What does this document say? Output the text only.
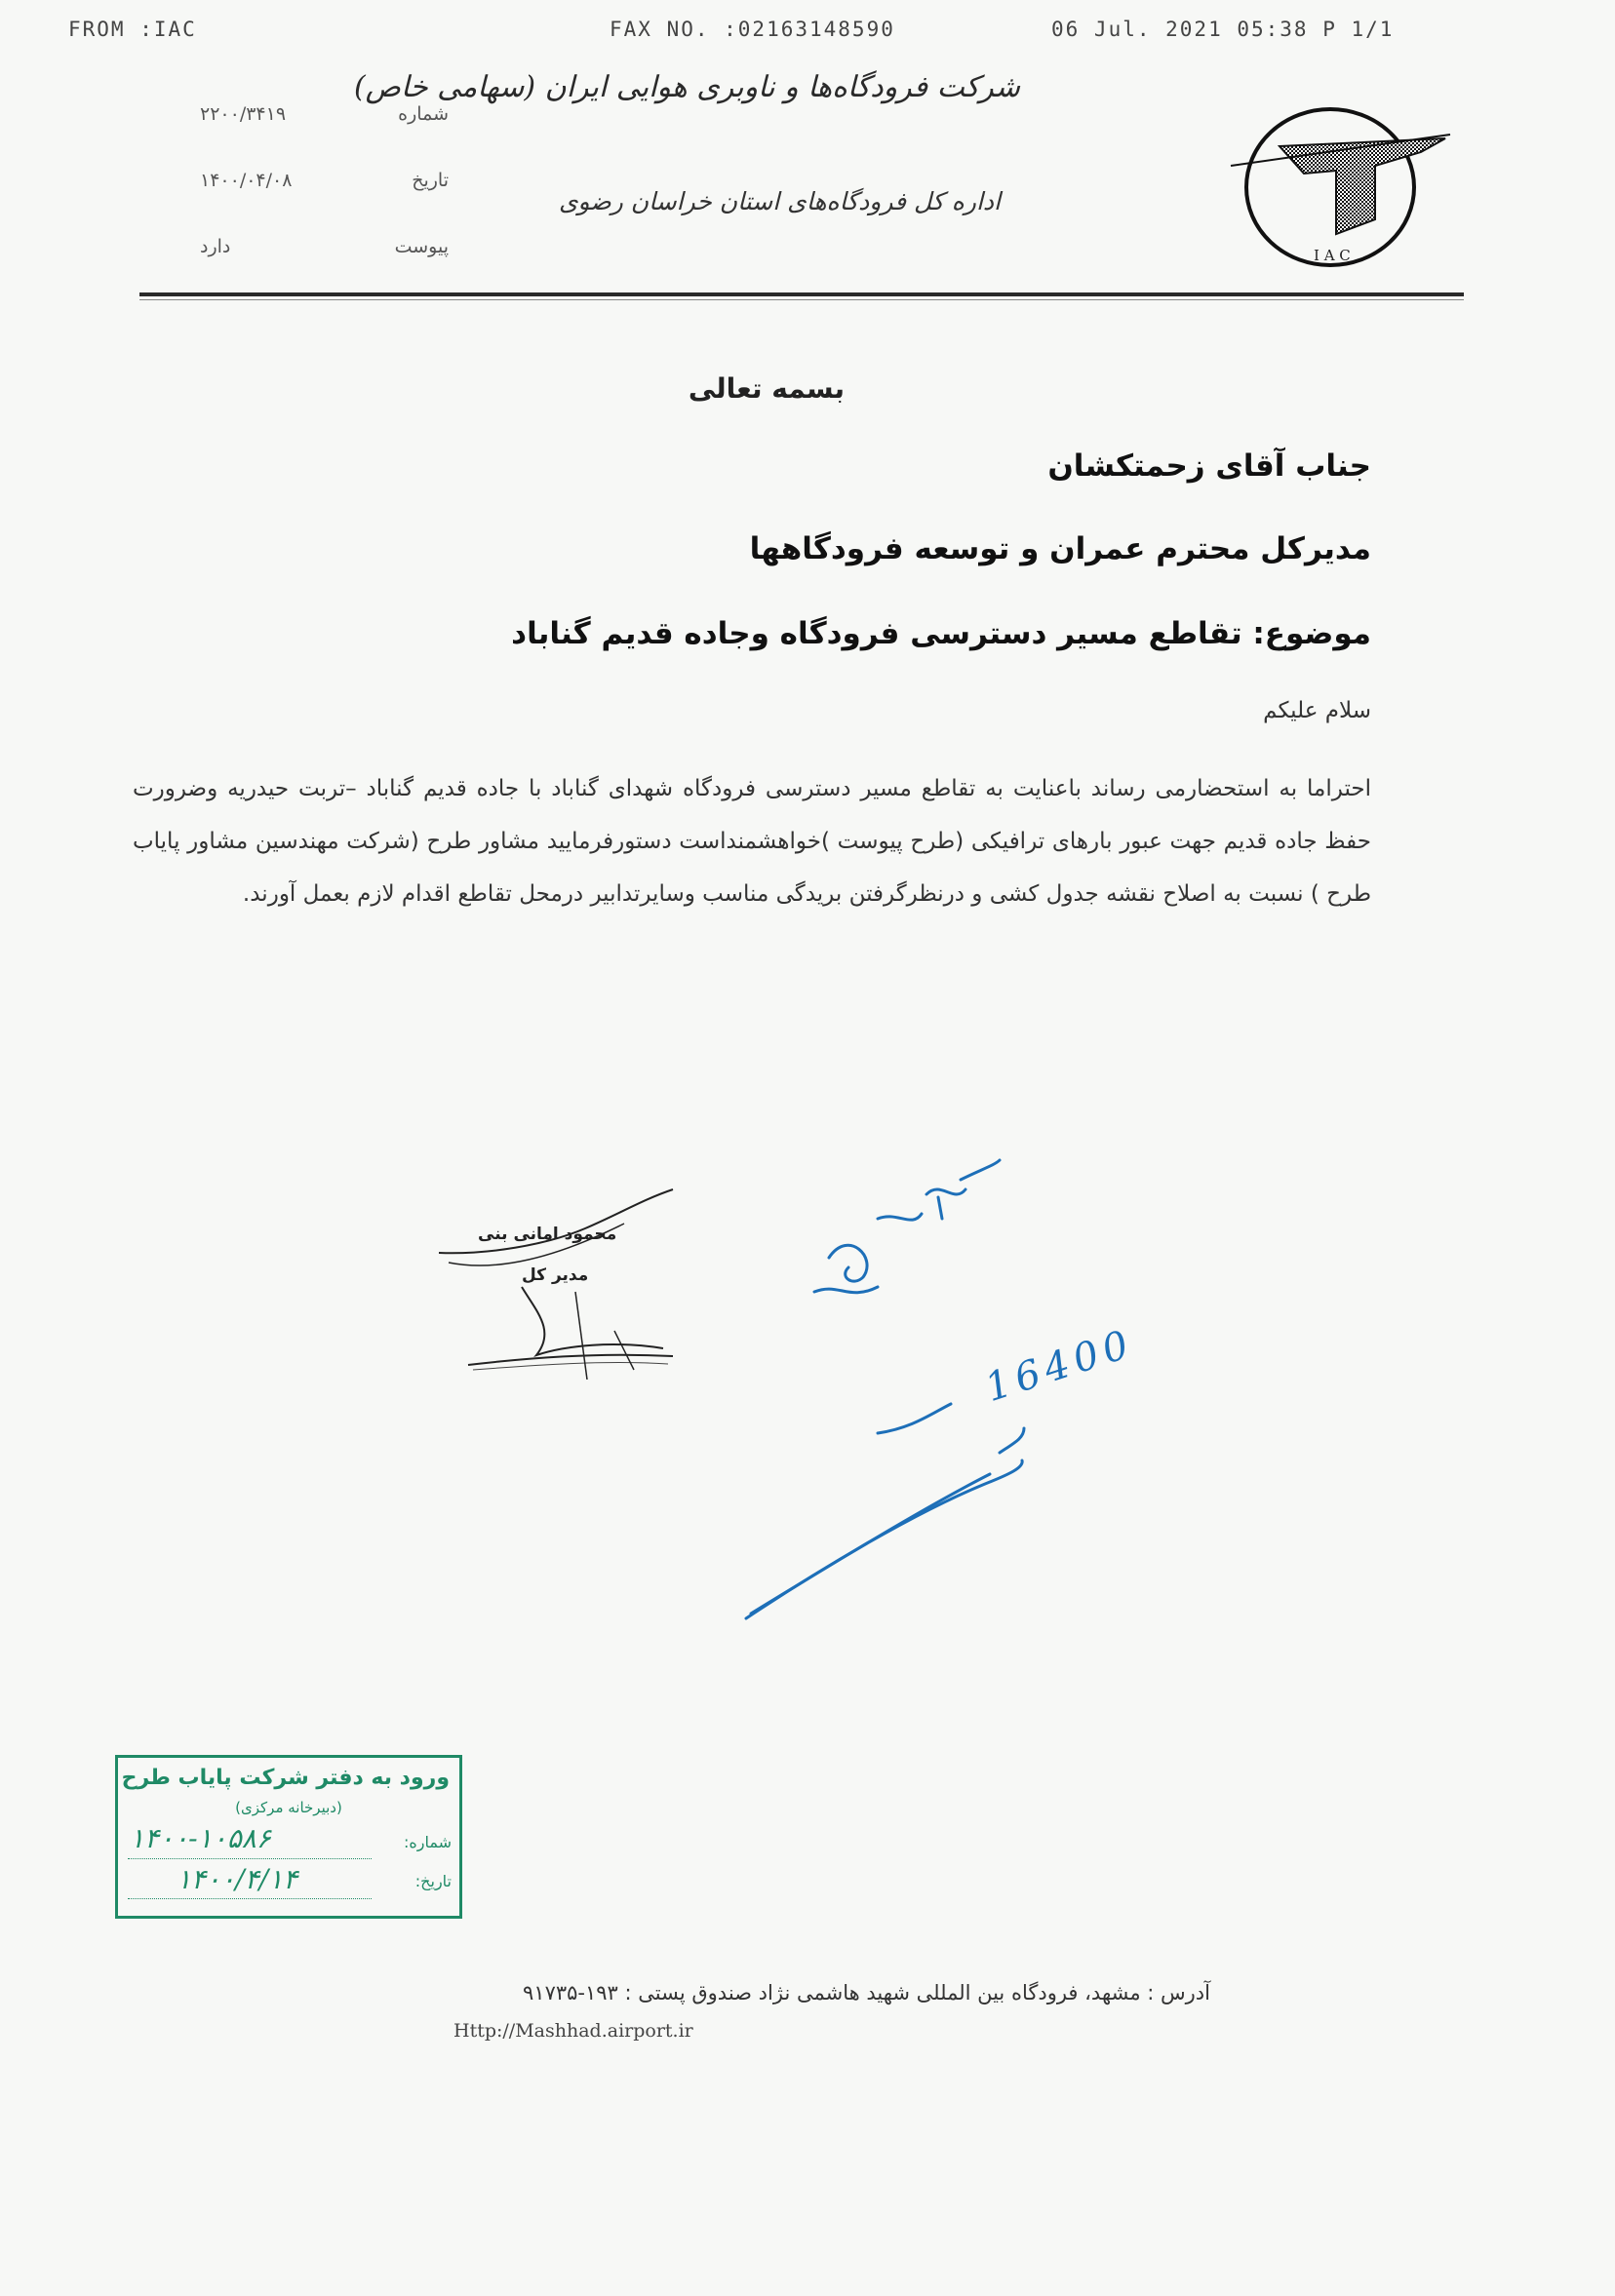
FROM :IAC	FAX NO. :02163148590	06 Jul. 2021 05:38 P 1/1
I A C
شرکت فرودگاه‌ها و ناوبری هوایی ایران (سهامی خاص)
اداره کل فرودگاه‌های استان خراسان رضوی
شماره
۲۲۰۰/۳۴۱۹
تاریخ
۱۴۰۰/۰۴/۰۸
پیوست
دارد
بسمه تعالی
جناب آقای زحمتکشان
مدیرکل محترم عمران و توسعه فرودگاهها
موضوع: تقاطع مسیر دسترسی فرودگاه وجاده قدیم گناباد
سلام علیکم
احتراما به استحضارمی رساند باعنایت به تقاطع مسیر دسترسی فرودگاه شهدای گناباد با جاده قدیم گناباد –تربت حیدریه وضرورت حفظ جاده قدیم جهت عبور بارهای ترافیکی (طرح پیوست )خواهشمنداست دستورفرمایید مشاور طرح (شرکت مهندسین مشاور پایاب طرح ) نسبت به اصلاح نقشه جدول کشی و درنظرگرفتن بریدگی مناسب وسایرتدابیر درمحل تقاطع اقدام لازم بعمل آورند.
محمود امانی بنی
مدیر کل
16400
ورود به دفتر شرکت پایاب طرح
(دبیرخانه مرکزی)
شماره:
۱۴۰۰-۱۰۵۸۶
تاریخ:
۱۴۰۰/۴/۱۴
آدرس : مشهد، فرودگاه بین المللی شهید هاشمی نژاد صندوق پستی : ۱۹۳-۹۱۷۳۵
Http://Mashhad.airport.ir
